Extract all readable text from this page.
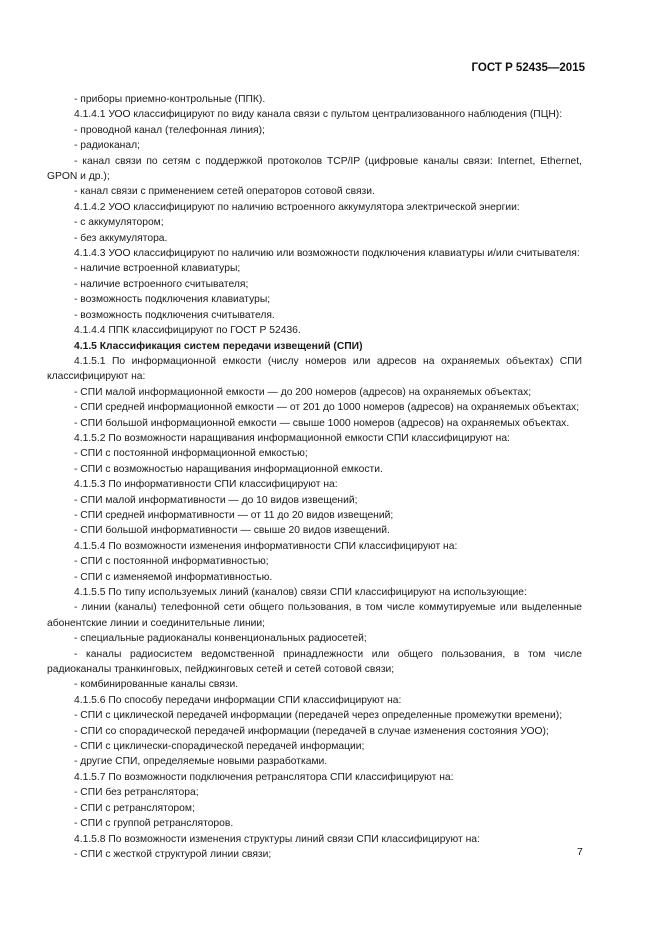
ГОСТ Р 52435—2015

- приборы приемно-контрольные (ППК).

4.1.4.1 УОО классифицируют по виду канала связи с пультом централизованного наблюдения (ПЦН):

- проводной канал (телефонная линия);

- радиоканал;

- канал связи по сетям с поддержкой протоколов TCP/IP (цифровые каналы связи: Internet, Ethernet, GPON и др.);

- канал связи с применением сетей операторов сотовой связи.

4.1.4.2 УОО классифицируют по наличию встроенного аккумулятора электрической энергии:

- с аккумулятором;

- без аккумулятора.

4.1.4.3 УОО классифицируют по наличию или возможности подключения клавиатуры и/или считывателя:

- наличие встроенной клавиатуры;

- наличие встроенного считывателя;

- возможность подключения клавиатуры;

- возможность подключения считывателя.

4.1.4.4 ППК классифицируют по ГОСТ Р 52436.

4.1.5 Классификация систем передачи извещений (СПИ)

4.1.5.1 По информационной емкости (числу номеров или адресов на охраняемых объектах) СПИ классифицируют на:

- СПИ малой информационной емкости — до 200 номеров (адресов) на охраняемых объектах;

- СПИ средней информационной емкости — от 201 до 1000 номеров (адресов) на охраняемых объектах;

- СПИ большой информационной емкости — свыше 1000 номеров (адресов) на охраняемых объектах.

4.1.5.2 По возможности наращивания информационной емкости СПИ классифицируют на:

- СПИ с постоянной информационной емкостью;

- СПИ с возможностью наращивания информационной емкости.

4.1.5.3 По информативности СПИ классифицируют на:

- СПИ малой информативности — до 10 видов извещений;

- СПИ средней информативности — от 11 до 20 видов извещений;

- СПИ большой информативности — свыше 20 видов извещений.

4.1.5.4 По возможности изменения информативности СПИ классифицируют на:

- СПИ с постоянной информативностью;

- СПИ с изменяемой информативностью.

4.1.5.5 По типу используемых линий (каналов) связи СПИ классифицируют на использующие:

- линии (каналы) телефонной сети общего пользования, в том числе коммутируемые или выделенные абонентские линии и соединительные линии;

- специальные радиоканалы конвенциональных радиосетей;

- каналы радиосистем ведомственной принадлежности или общего пользования, в том числе радиоканалы транкинговых, пейджинговых сетей и сетей сотовой связи;

- комбинированные каналы связи.

4.1.5.6 По способу передачи информации СПИ классифицируют на:

- СПИ с циклической передачей информации (передачей через определенные промежутки времени);

- СПИ со спорадической передачей информации (передачей в случае изменения состояния УОО);

- СПИ с циклически-спорадической передачей информации;

- другие СПИ, определяемые новыми разработками.

4.1.5.7 По возможности подключения ретранслятора СПИ классифицируют на:

- СПИ без ретранслятора;

- СПИ с ретранслятором;

- СПИ с группой ретрансляторов.

4.1.5.8 По возможности изменения структуры линий связи СПИ классифицируют на:

- СПИ с жесткой структурой линии связи;	7
